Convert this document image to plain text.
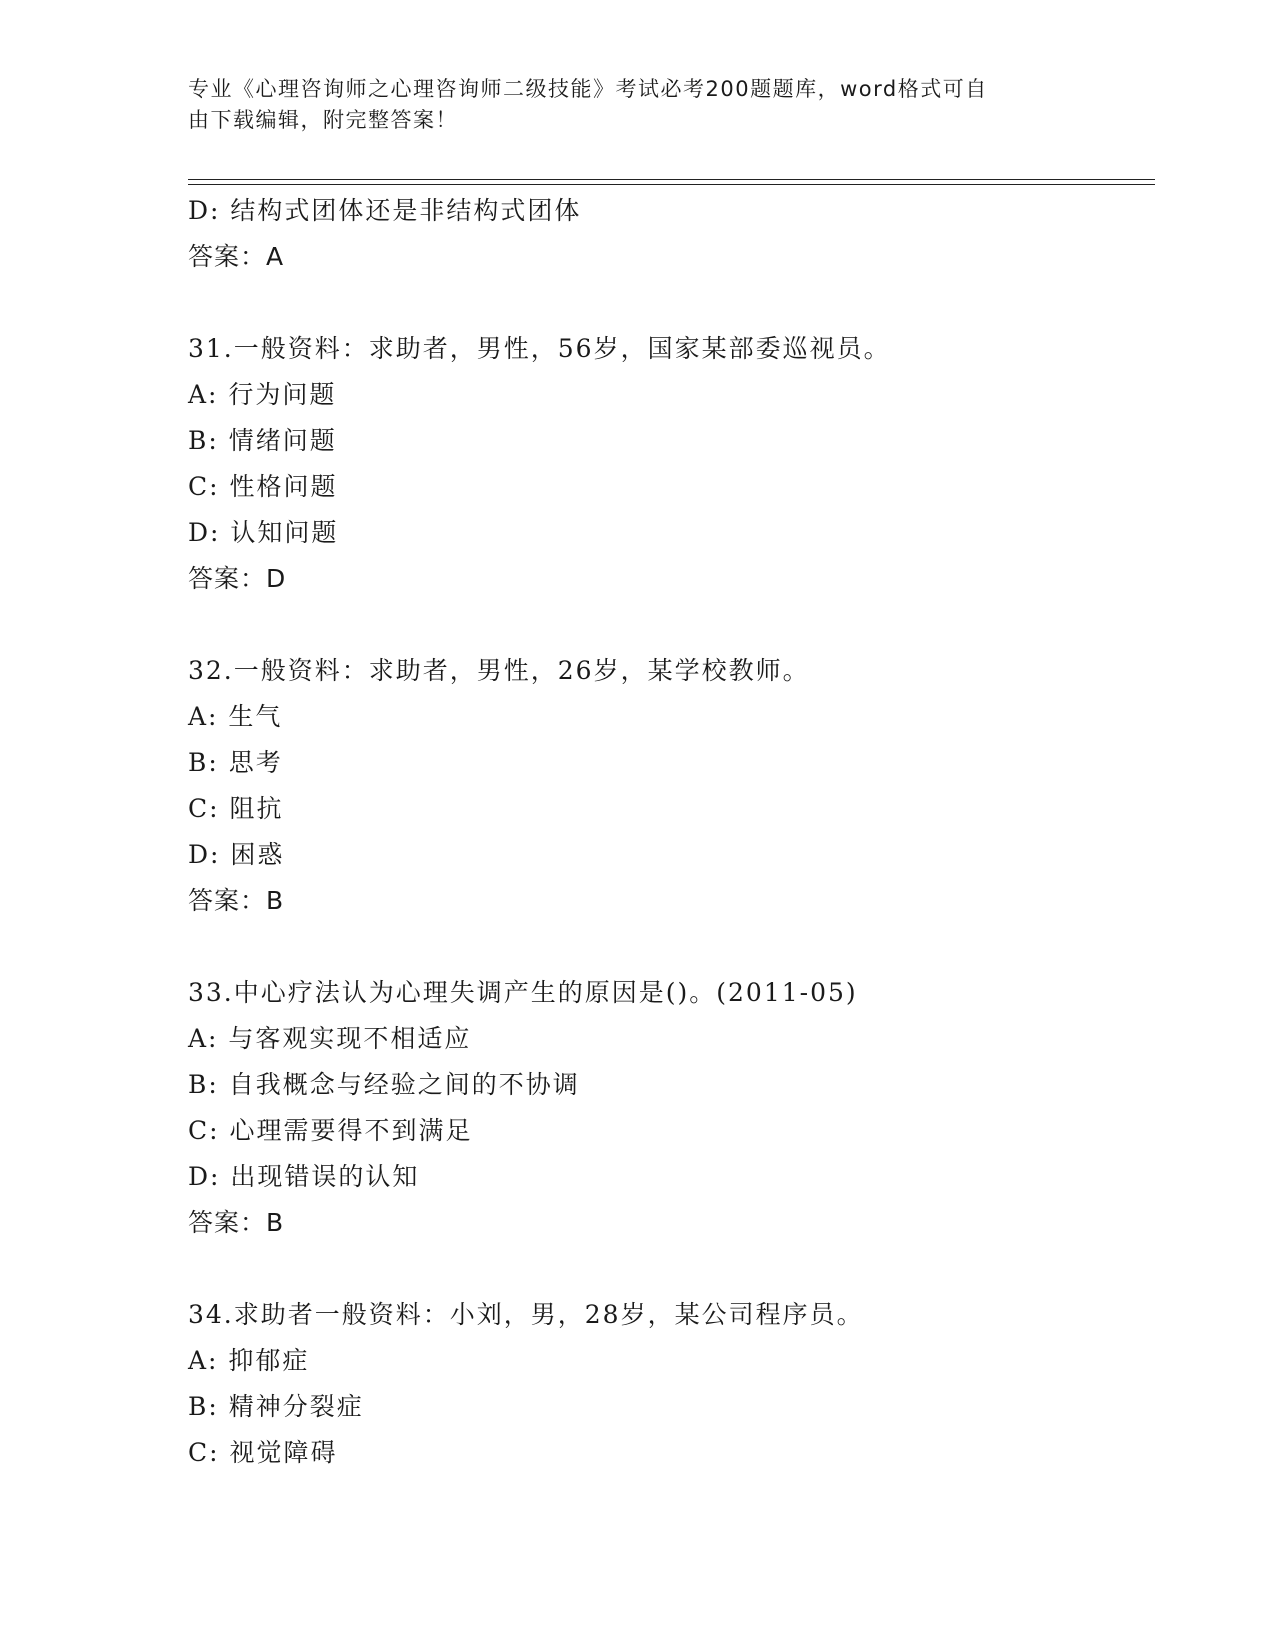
专业《心理咨询师之心理咨询师二级技能》考试必考200题题库，word格式可自
由下载编辑，附完整答案！
D: 结构式团体还是非结构式团体
答案：A
31.一般资料：求助者，男性，56岁，国家某部委巡视员。
A: 行为问题
B: 情绪问题
C: 性格问题
D: 认知问题
答案：D
32.一般资料：求助者，男性，26岁，某学校教师。
A: 生气
B: 思考
C: 阻抗
D: 困惑
答案：B
33.中心疗法认为心理失调产生的原因是()。(2011-05)
A: 与客观实现不相适应
B: 自我概念与经验之间的不协调
C: 心理需要得不到满足
D: 出现错误的认知
答案：B
34.求助者一般资料：小刘，男，28岁，某公司程序员。
A: 抑郁症
B: 精神分裂症
C: 视觉障碍
